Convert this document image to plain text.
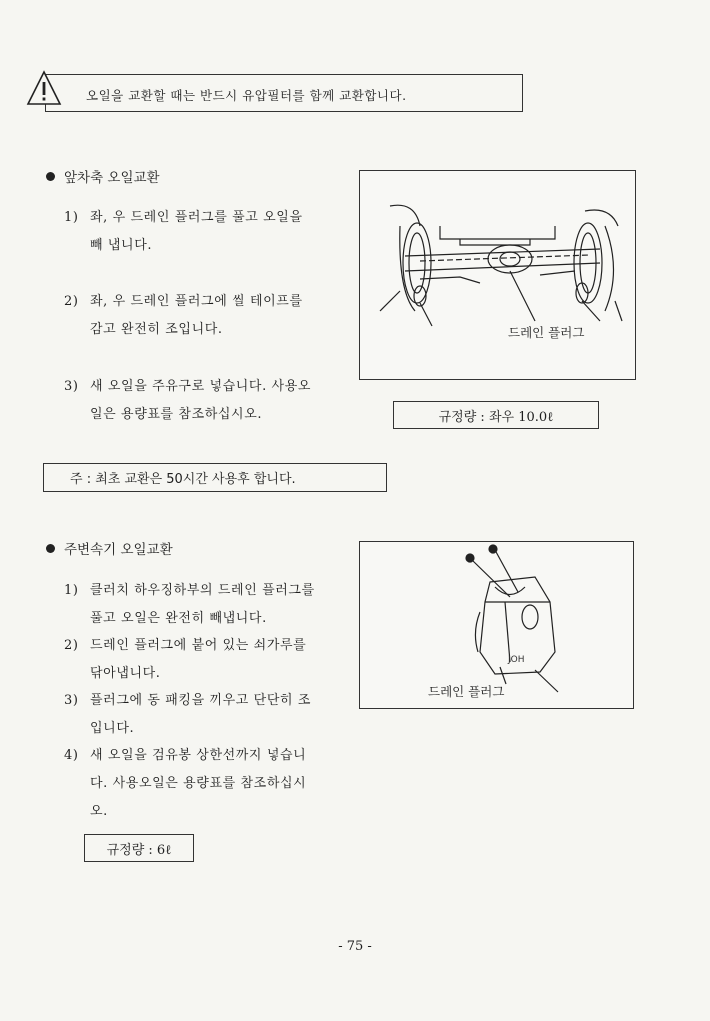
오일을 교환할 때는 반드시 유압필터를 함께 교환합니다.
앞차축 오일교환
1) 좌, 우 드레인 플러그를 풀고 오일을
빼 냅니다.
2) 좌, 우 드레인 플러그에 씰 테이프를
감고 완전히 조입니다.
3) 새 오일을 주유구로 넣습니다. 사용오
일은 용량표를 참조하십시오.
드레인 플러그
규정량 : 좌우 10.0ℓ
주 : 최초 교환은 50시간 사용후 합니다.
주변속기 오일교환
1) 클러치 하우징하부의 드레인 플러그를
풀고 오일은 완전히 빼냅니다.
2) 드레인 플러그에 붙어 있는 쇠가루를
닦아냅니다.
3) 플러그에 동 패킹을 끼우고 단단히 조
입니다.
4) 새 오일을 검유봉 상한선까지 넣습니
다. 사용오일은 용량표를 참조하십시
오.
JOH
드레인 플러그
규정량 : 6ℓ
- 75 -
